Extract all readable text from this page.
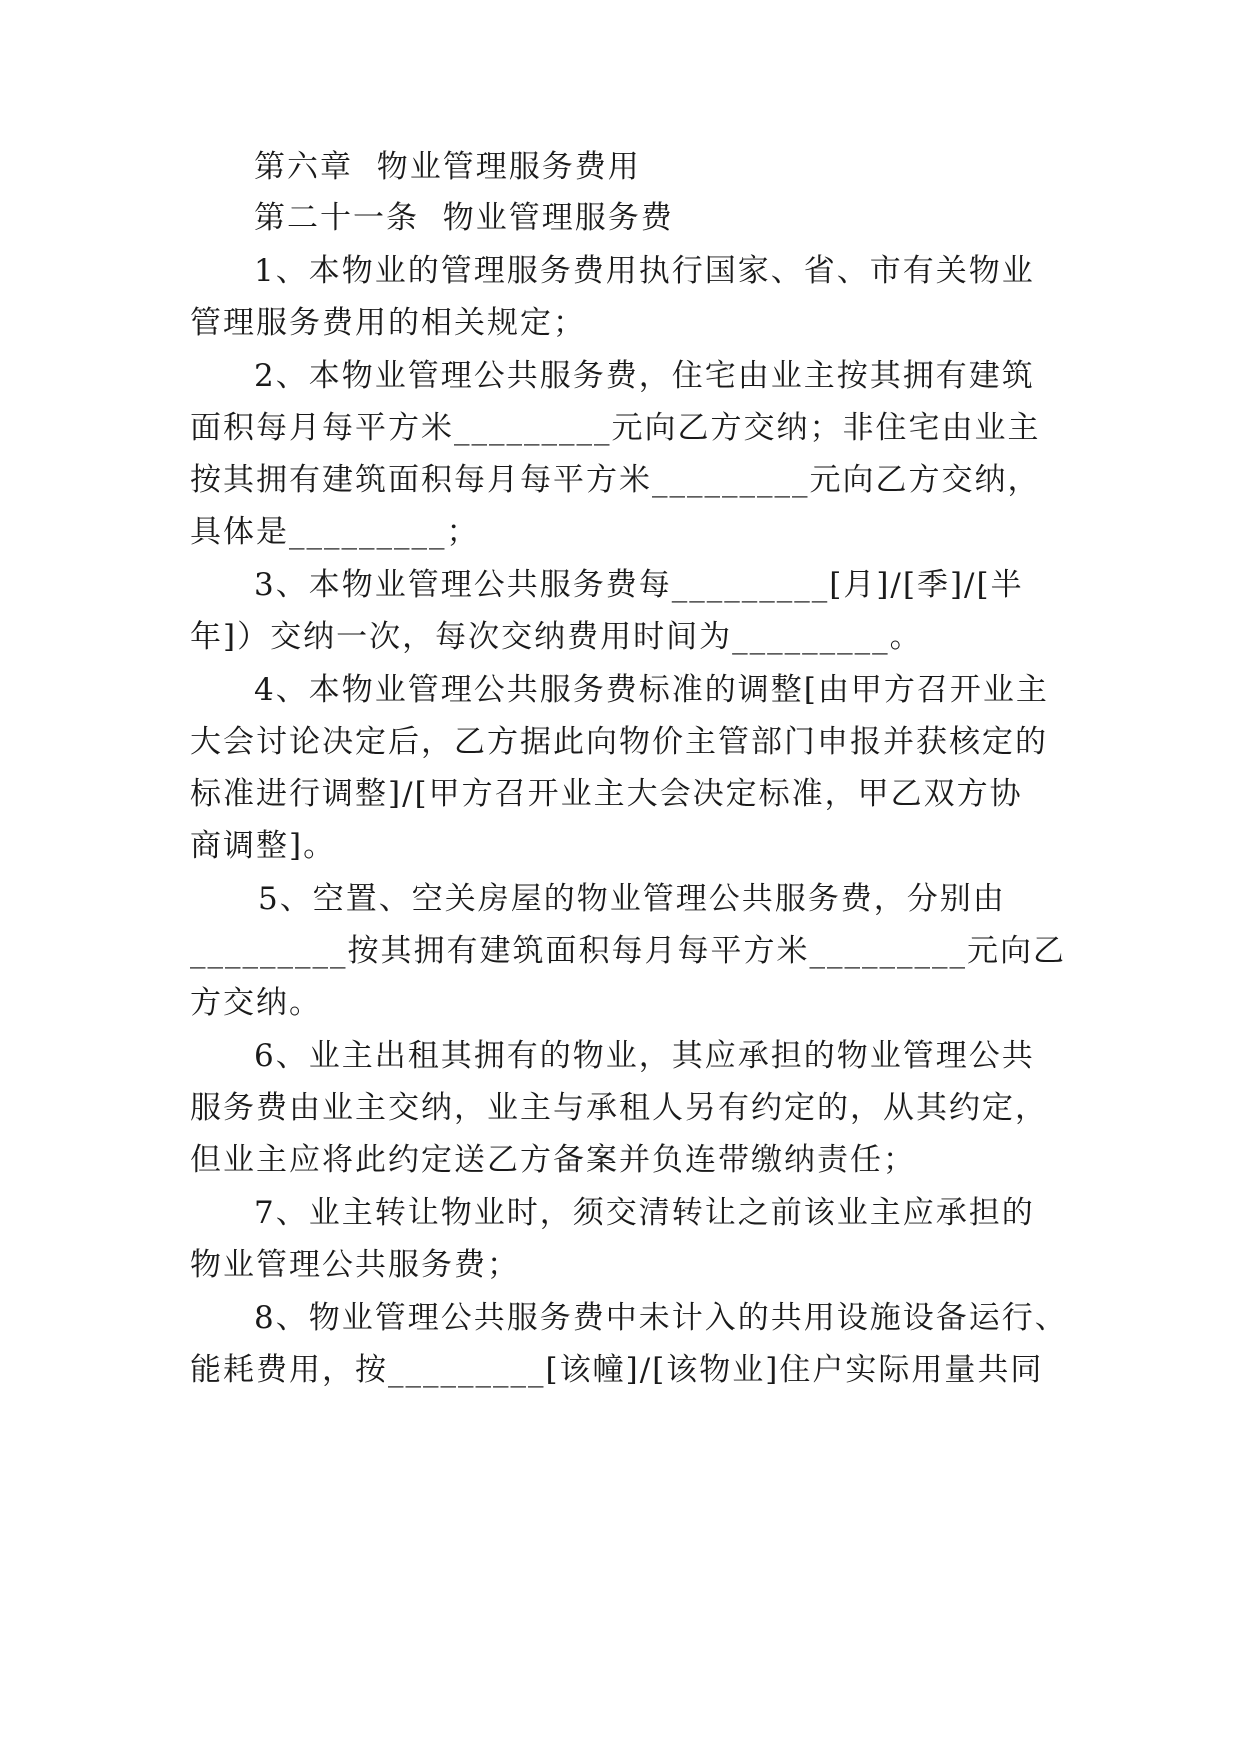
第六章  物业管理服务费用
第二十一条  物业管理服务费
1、本物业的管理服务费用执行国家、省、市有关物业
管理服务费用的相关规定；
2、本物业管理公共服务费，住宅由业主按其拥有建筑
面积每月每平方米_________元向乙方交纳；非住宅由业主
按其拥有建筑面积每月每平方米_________元向乙方交纳，
具体是_________；
3、本物业管理公共服务费每_________[月]/[季]/[半
年]）交纳一次，每次交纳费用时间为_________。
4、本物业管理公共服务费标准的调整[由甲方召开业主
大会讨论决定后，乙方据此向物价主管部门申报并获核定的
标准进行调整]/[甲方召开业主大会决定标准，甲乙双方协
商调整]。
5、空置、空关房屋的物业管理公共服务费，分别由
_________按其拥有建筑面积每月每平方米_________元向乙
方交纳。
6、业主出租其拥有的物业，其应承担的物业管理公共
服务费由业主交纳，业主与承租人另有约定的，从其约定，
但业主应将此约定送乙方备案并负连带缴纳责任；
7、业主转让物业时，须交清转让之前该业主应承担的
物业管理公共服务费；
8、物业管理公共服务费中未计入的共用设施设备运行、
能耗费用，按_________[该幢]/[该物业]住户实际用量共同
